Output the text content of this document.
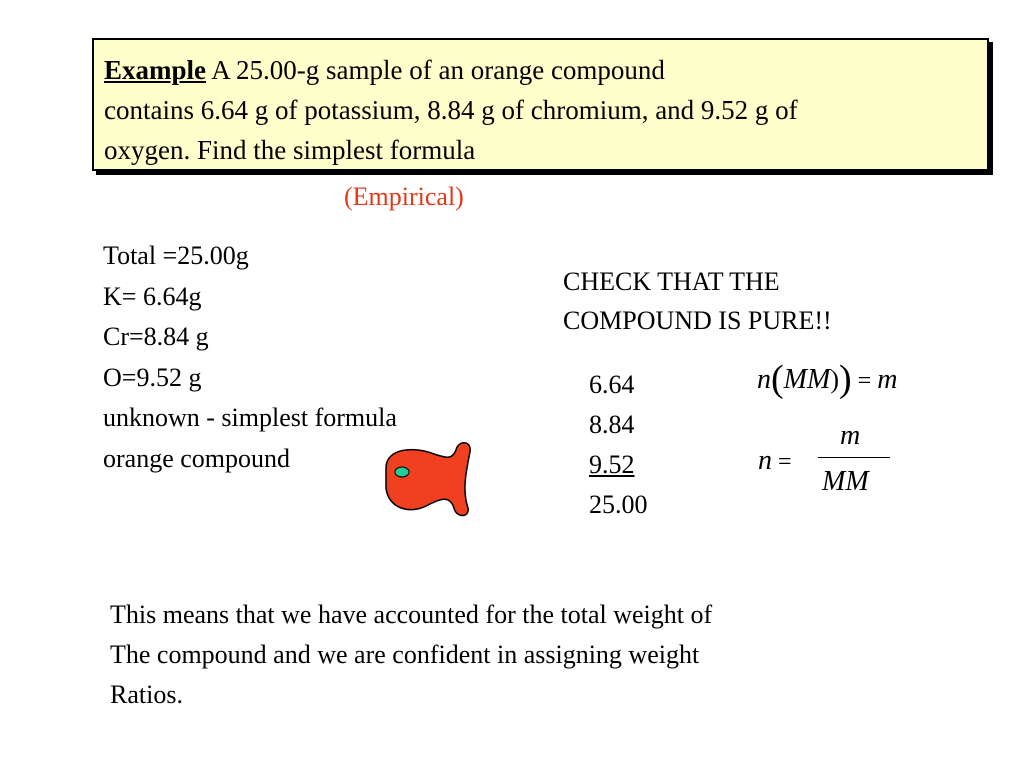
Example A 25.00-g sample of an orange compound
contains 6.64 g of potassium, 8.84 g of chromium, and 9.52 g of
oxygen. Find the simplest formula
(Empirical)
Total =25.00g
K= 6.64g
Cr=8.84 g
O=9.52 g
unknown - simplest formula
orange compound
CHECK THAT THE
COMPOUND IS PURE!!
6.64
8.84
9.52
25.00
n(MM)) = m
n =
m
MM
This means that we have accounted for the total weight of
The compound and we are confident in assigning weight
Ratios.
